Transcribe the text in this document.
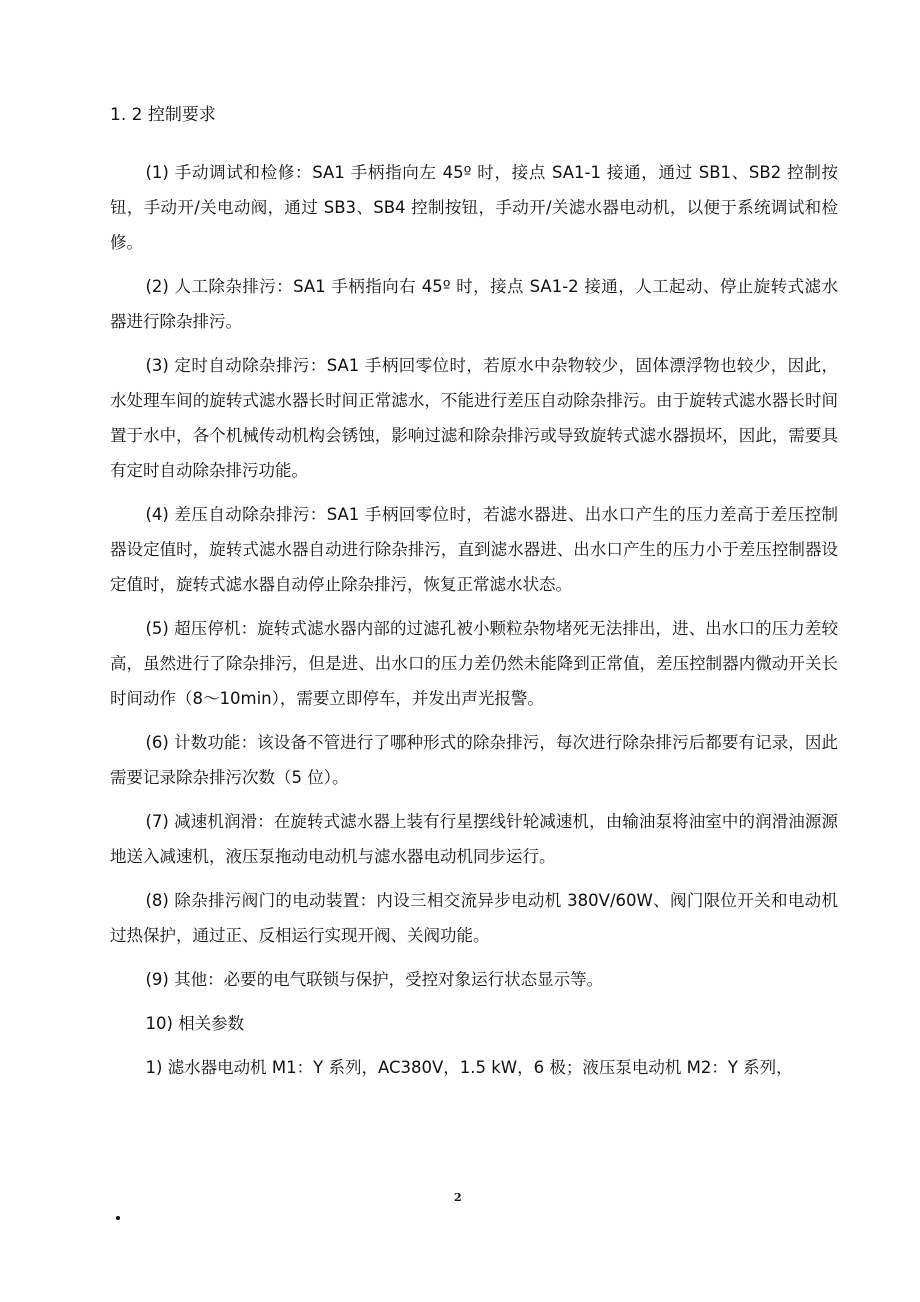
1. 2 控制要求

(1) 手动调试和检修：SA1 手柄指向左 45º 时，接点 SA1-1 接通，通过 SB1、SB2 控制按钮，手动开/关电动阀，通过 SB3、SB4 控制按钮，手动开/关滤水器电动机，以便于系统调试和检修。

(2) 人工除杂排污：SA1 手柄指向右 45º 时，接点 SA1-2 接通，人工起动、停止旋转式滤水器进行除杂排污。

(3) 定时自动除杂排污：SA1 手柄回零位时，若原水中杂物较少，固体漂浮物也较少，因此，水处理车间的旋转式滤水器长时间正常滤水，不能进行差压自动除杂排污。由于旋转式滤水器长时间置于水中，各个机械传动机构会锈蚀，影响过滤和除杂排污或导致旋转式滤水器损坏，因此，需要具有定时自动除杂排污功能。

(4) 差压自动除杂排污：SA1 手柄回零位时，若滤水器进、出水口产生的压力差高于差压控制器设定值时，旋转式滤水器自动进行除杂排污，直到滤水器进、出水口产生的压力小于差压控制器设定值时，旋转式滤水器自动停止除杂排污，恢复正常滤水状态。

(5) 超压停机：旋转式滤水器内部的过滤孔被小颗粒杂物堵死无法排出，进、出水口的压力差较高，虽然进行了除杂排污，但是进、出水口的压力差仍然未能降到正常值，差压控制器内微动开关长时间动作（8～10min），需要立即停车，并发出声光报警。

(6) 计数功能：该设备不管进行了哪种形式的除杂排污，每次进行除杂排污后都要有记录，因此需要记录除杂排污次数（5 位）。

(7) 减速机润滑：在旋转式滤水器上装有行星摆线针轮减速机，由输油泵将油室中的润滑油源源地送入减速机，液压泵拖动电动机与滤水器电动机同步运行。

(8) 除杂排污阀门的电动装置：内设三相交流异步电动机 380V/60W、阀门限位开关和电动机过热保护，通过正、反相运行实现开阀、关阀功能。

(9) 其他：必要的电气联锁与保护，受控对象运行状态显示等。

10) 相关参数

1) 滤水器电动机 M1：Y 系列，AC380V，1.5 kW，6 极；液压泵电动机 M2：Y 系列，

2
